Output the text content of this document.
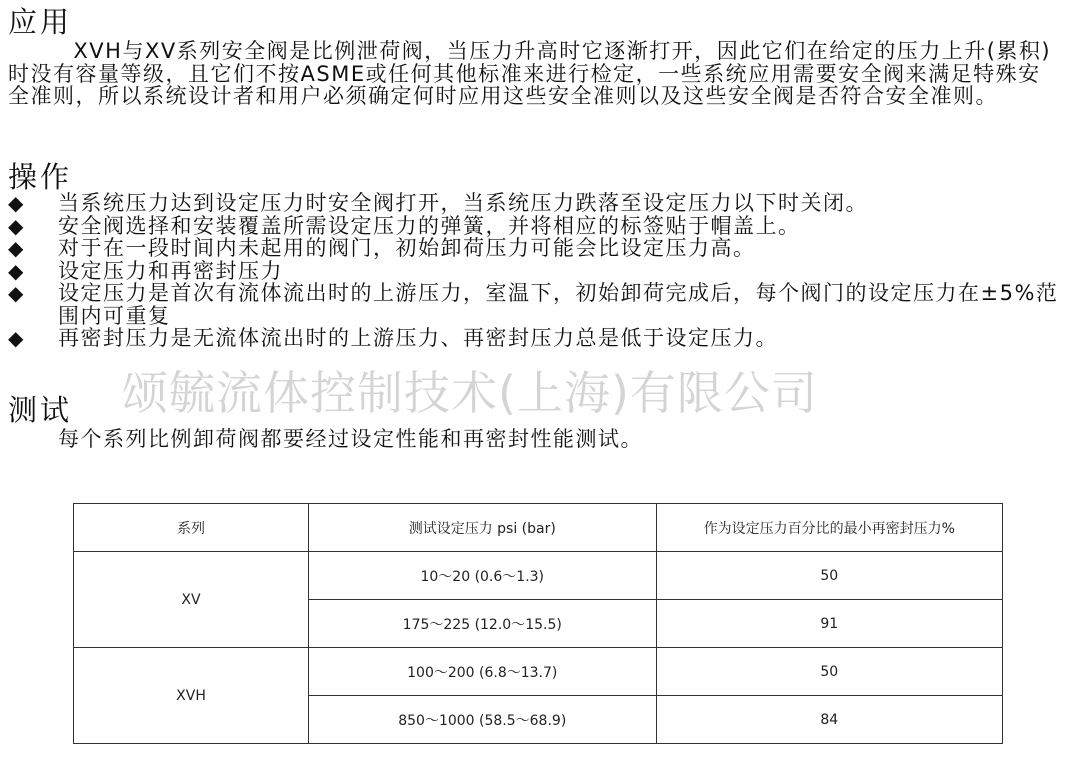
应用

XVH与XV系列安全阀是比例泄荷阀，当压力升高时它逐渐打开，因此它们在给定的压力上升(累积)时没有容量等级，且它们不按ASME或任何其他标准来进行检定，一些系统应用需要安全阀来满足特殊安全准则，所以系统设计者和用户必须确定何时应用这些安全准则以及这些安全阀是否符合安全准则。

操作
◆	当系统压力达到设定压力时安全阀打开，当系统压力跌落至设定压力以下时关闭。
◆	安全阀选择和安装覆盖所需设定压力的弹簧，并将相应的标签贴于帽盖上。
◆	对于在一段时间内未起用的阀门，初始卸荷压力可能会比设定压力高。
◆	设定压力和再密封压力
◆	设定压力是首次有流体流出时的上游压力，室温下，初始卸荷完成后，每个阀门的设定压力在±5%范围内可重复
◆	再密封压力是无流体流出时的上游压力、再密封压力总是低于设定压力。
颂毓流体控制技术(上海)有限公司
测试
每个系列比例卸荷阀都要经过设定性能和再密封性能测试。
系列	测试设定压力 psi (bar)	作为设定压力百分比的最小再密封压力%
XV	10～20 (0.6～1.3)	50
	175～225 (12.0～15.5)	91
XVH	100～200 (6.8～13.7)	50
	850～1000 (58.5～68.9)	84
